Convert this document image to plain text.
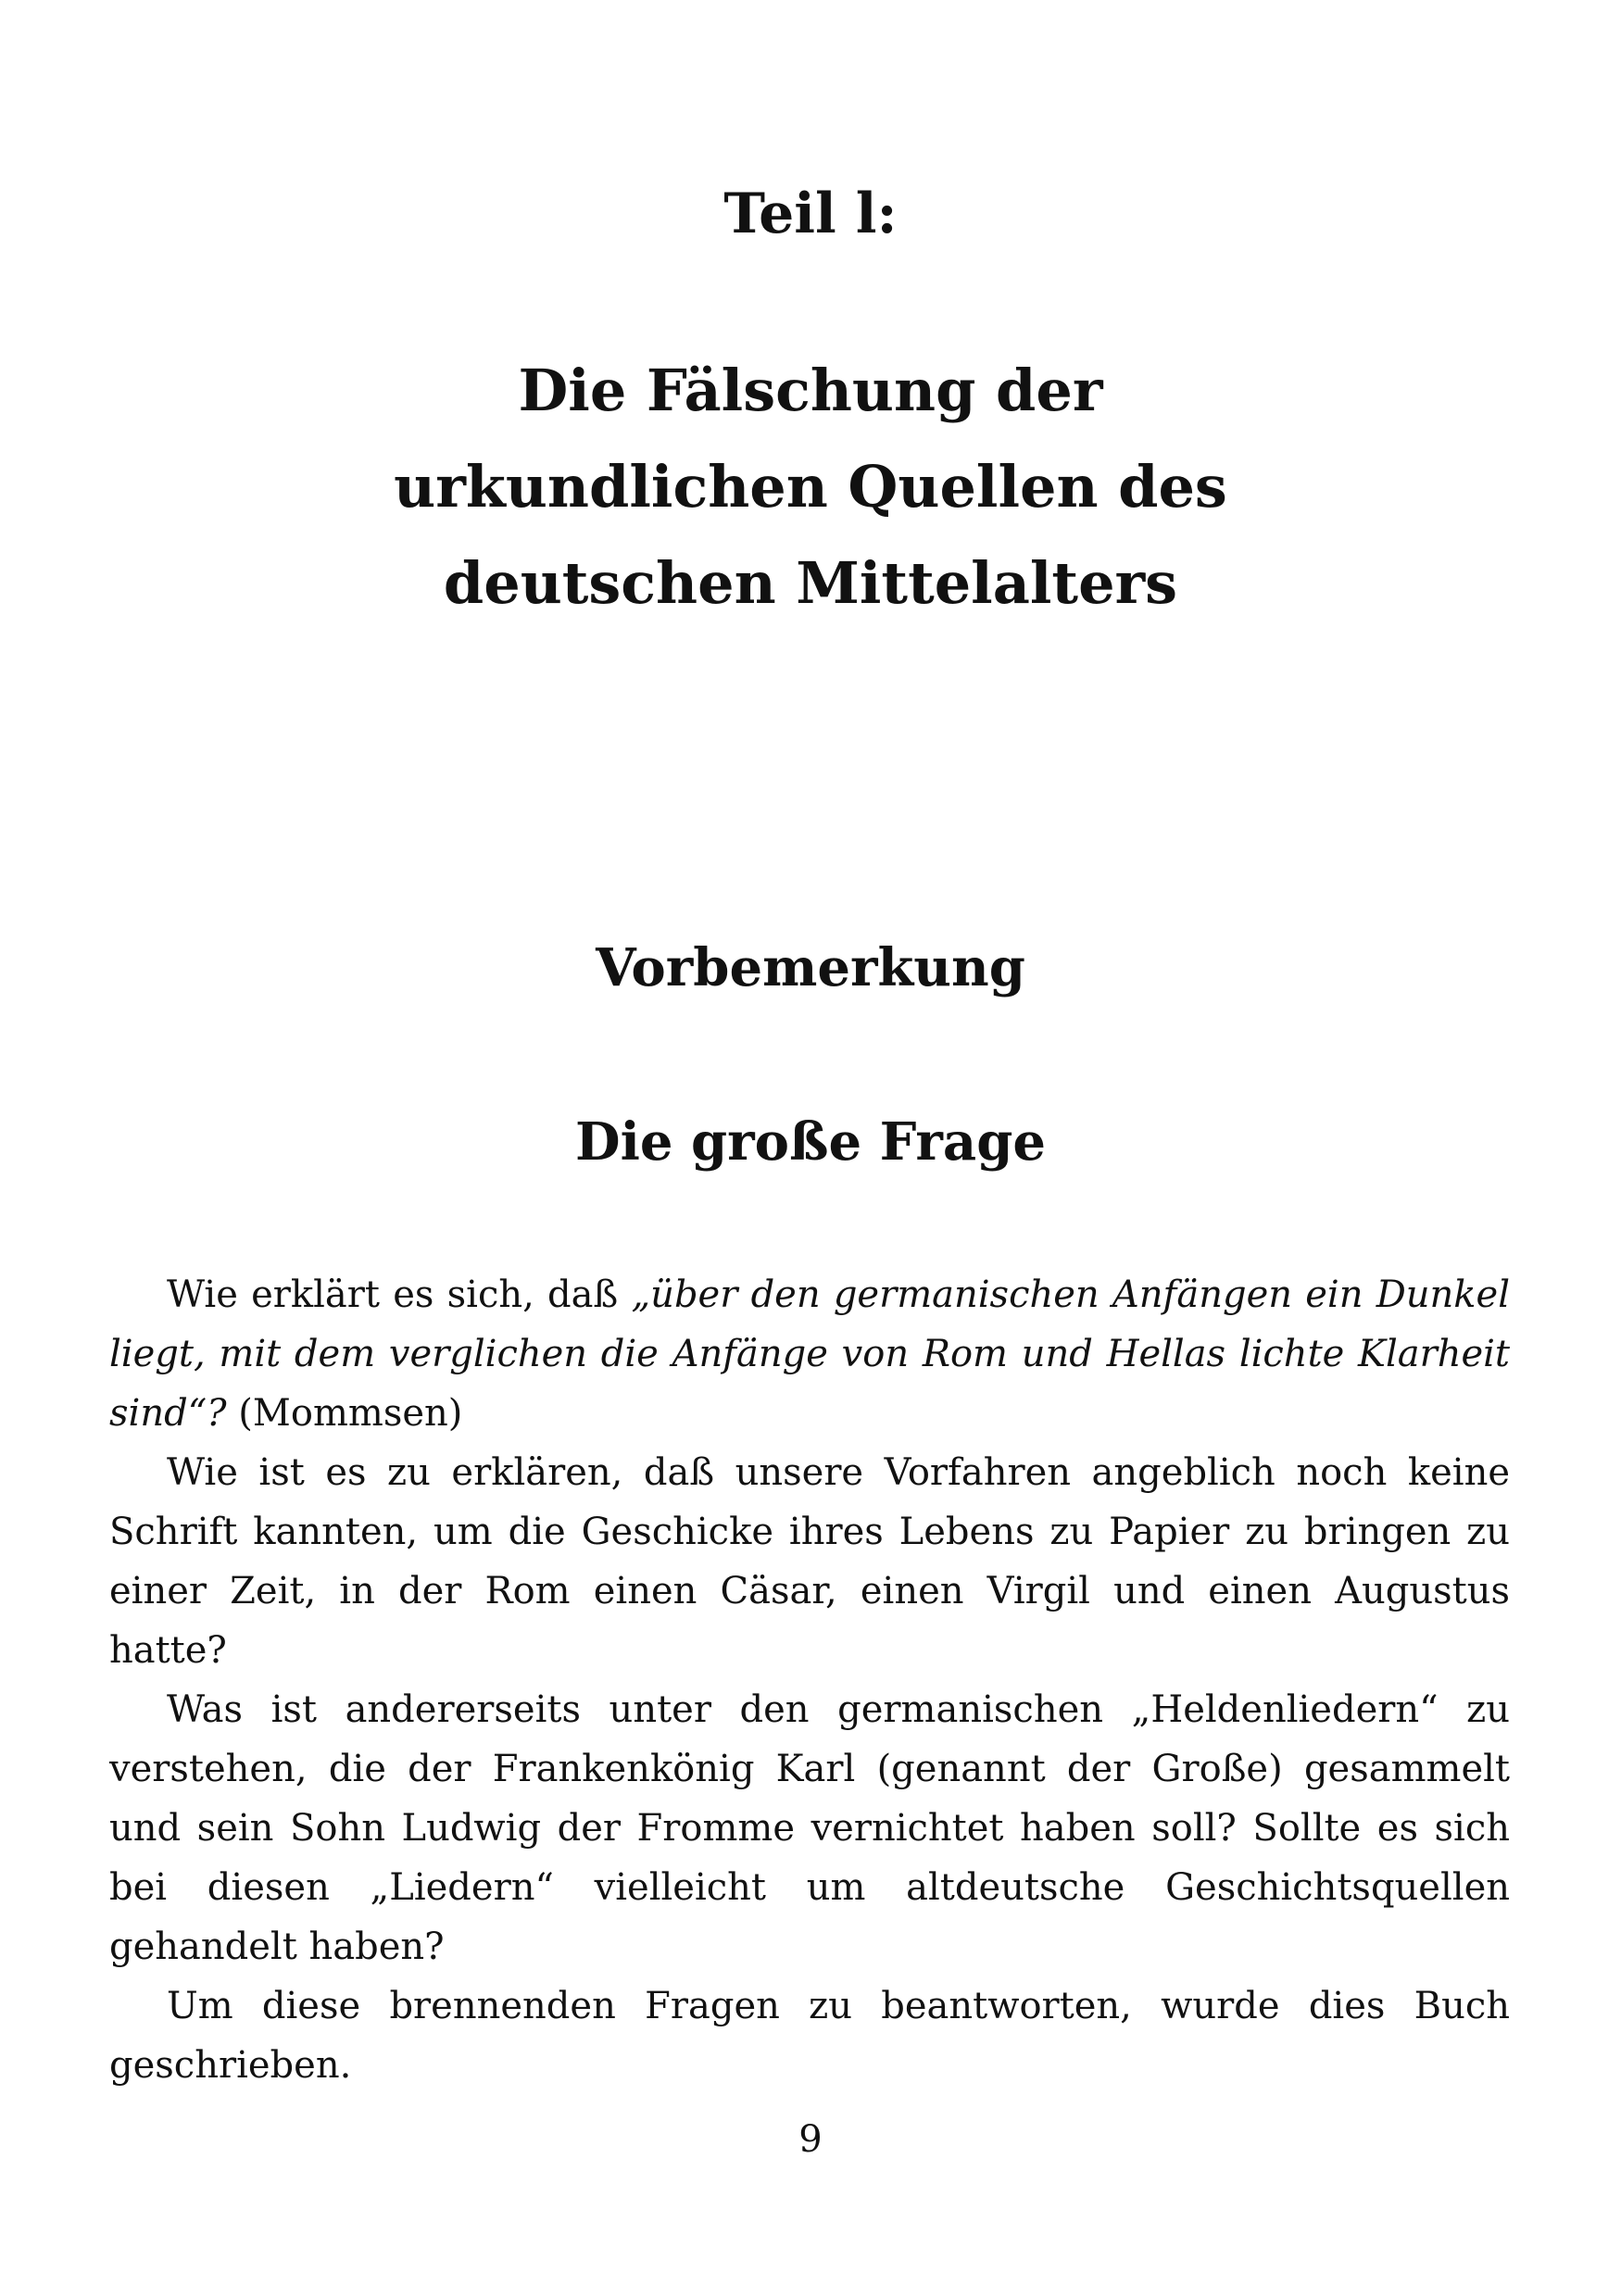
Teil l:
Die Fälschung der
urkundlichen Quellen des
deutschen Mittelalters
Vorbemerkung
Die große Frage

Wie erklärt es sich, daß „über den germanischen Anfängen ein Dunkel liegt, mit dem verglichen die Anfänge von Rom und Hellas lichte Klarheit sind“? (Mommsen)

Wie ist es zu erklären, daß unsere Vorfahren angeblich noch keine Schrift kannten, um die Geschicke ihres Lebens zu Papier zu bringen zu einer Zeit, in der Rom einen Cäsar, einen Virgil und einen Augustus hatte?

Was ist andererseits unter den germanischen „Heldenliedern“ zu verstehen, die der Frankenkönig Karl (genannt der Große) gesammelt und sein Sohn Ludwig der Fromme vernichtet haben soll? Sollte es sich bei diesen „Liedern“ vielleicht um altdeutsche Geschichtsquellen gehandelt haben?

Um diese brennenden Fragen zu beantworten, wurde dies Buch geschrieben.

9
